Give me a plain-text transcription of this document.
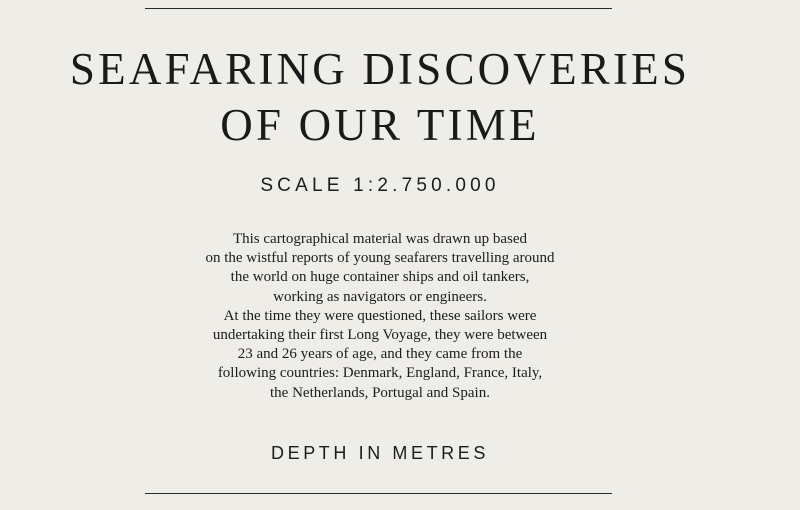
SEAFARING DISCOVERIES
OF OUR TIME
SCALE 1:2.750.000

This cartographical material was drawn up based
on the wistful reports of young seafarers travelling around
the world on huge container ships and oil tankers,
working as navigators or engineers.
At the time they were questioned, these sailors were
undertaking their first Long Voyage, they were between
23 and 26 years of age, and they came from the
following countries: Denmark, England, France, Italy,
the Netherlands, Portugal and Spain.

DEPTH IN METRES
